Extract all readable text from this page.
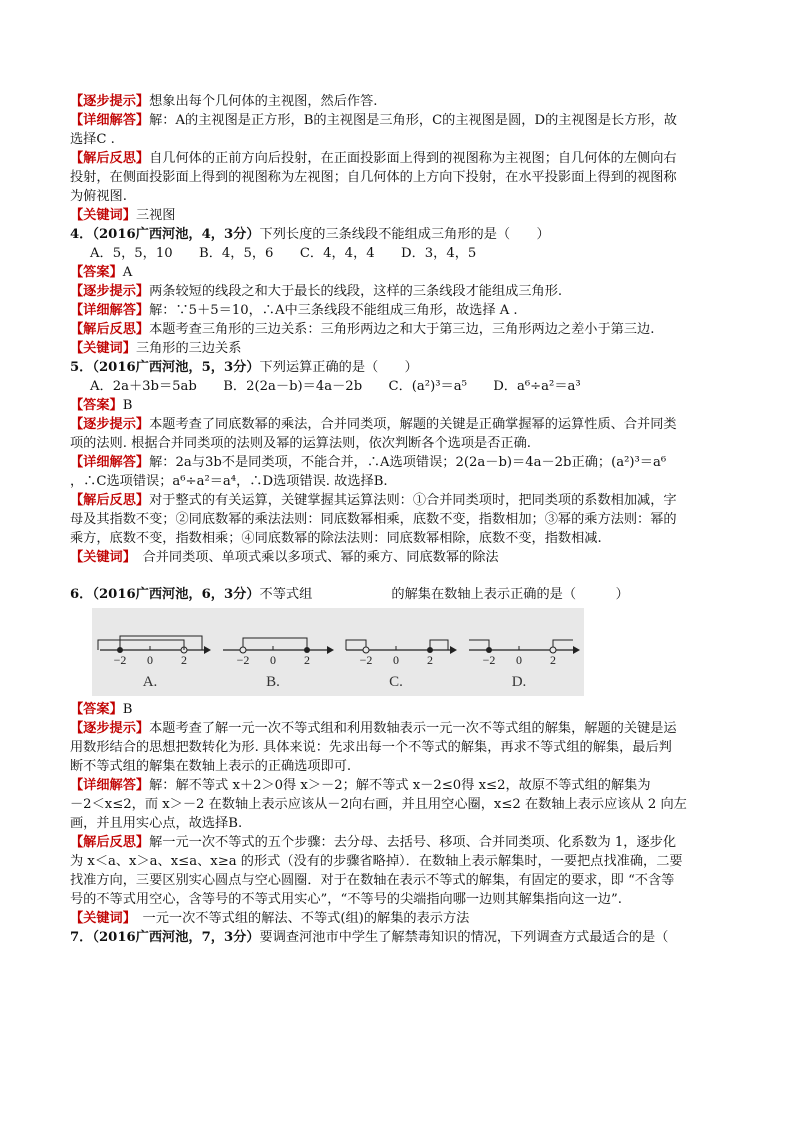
【逐步提示】想象出每个几何体的主视图，然后作答.
【详细解答】解：A的主视图是正方形，B的主视图是三角形，C的主视图是圆，D的主视图是长方形，故
选择C .
【解后反思】自几何体的正前方向后投射，在正面投影面上得到的视图称为主视图；自几何体的左侧向右
投射，在侧面投影面上得到的视图称为左视图；自几何体的上方向下投射，在水平投影面上得到的视图称
为俯视图.
【关键词】三视图
4．（2016广西河池，4，3分）下列长度的三条线段不能组成三角形的是（　　）
A．5，5，10　　B．4，5，6　　C．4，4，4　　D．3，4，5
【答案】A
【逐步提示】两条较短的线段之和大于最长的线段，这样的三条线段才能组成三角形.
【详细解答】解：∵5＋5＝10，∴A中三条线段不能组成三角形，故选择 A .
【解后反思】本题考查三角形的三边关系：三角形两边之和大于第三边，三角形两边之差小于第三边.
【关键词】三角形的三边关系
5．（2016广西河池，5，3分）下列运算正确的是（　　）
A．2a＋3b＝5ab　　B．2(2a－b)＝4a－2b　　C．(a²)³＝a⁵　　D．a⁶÷a²＝a³
【答案】B
【逐步提示】本题考查了同底数幂的乘法，合并同类项，解题的关键是正确掌握幂的运算性质、合并同类
项的法则. 根据合并同类项的法则及幂的运算法则，依次判断各个选项是否正确.
【详细解答】解：2a与3b不是同类项，不能合并，∴A选项错误；2(2a－b)＝4a－2b正确；(a²)³＝a⁶
，∴C选项错误；a⁶÷a²＝a⁴，∴D选项错误. 故选择B.
【解后反思】对于整式的有关运算，关键掌握其运算法则：①合并同类项时，把同类项的系数相加减，字
母及其指数不变；②同底数幂的乘法法则：同底数幂相乘，底数不变，指数相加；③幂的乘方法则：幂的
乘方，底数不变，指数相乘；④同底数幂的除法法则：同底数幂相除，底数不变，指数相减.
【关键词】　合并同类项、单项式乘以多项式、幂的乘方、同底数幂的除法
6．（2016广西河池，6，3分）不等式组　　　　　　的解集在数轴上表示正确的是（　　　）
−2 0 2
A.
−2 0 2
B.
−2 0 2
C.
−2 0 2
D.
【答案】B
【逐步提示】本题考查了解一元一次不等式组和利用数轴表示一元一次不等式组的解集，解题的关键是运
用数形结合的思想把数转化为形. 具体来说：先求出每一个不等式的解集，再求不等式组的解集，最后判
断不等式组的解集在数轴上表示的正确选项即可.
【详细解答】解：解不等式 x＋2＞0得 x＞－2；解不等式 x－2≤0得 x≤2，故原不等式组的解集为
－2＜x≤2，而 x＞－2 在数轴上表示应该从－2向右画，并且用空心圈，x≤2 在数轴上表示应该从 2 向左
画，并且用实心点，故选择B.
【解后反思】解一元一次不等式的五个步骤：去分母、去括号、移项、合并同类项、化系数为 1，逐步化
为 x＜a、x＞a、x≤a、x≥a 的形式（没有的步骤省略掉）．在数轴上表示解集时，一要把点找准确，二要
找准方向，三要区别实心圆点与空心圆圈．对于在数轴在表示不等式的解集，有固定的要求，即 “不含等
号的不等式用空心，含等号的不等式用实心”，“不等号的尖端指向哪一边则其解集指向这一边”.
【关键词】　一元一次不等式组的解法、不等式(组)的解集的表示方法
7．（2016广西河池，7，3分）要调查河池市中学生了解禁毒知识的情况，下列调查方式最适合的是（
